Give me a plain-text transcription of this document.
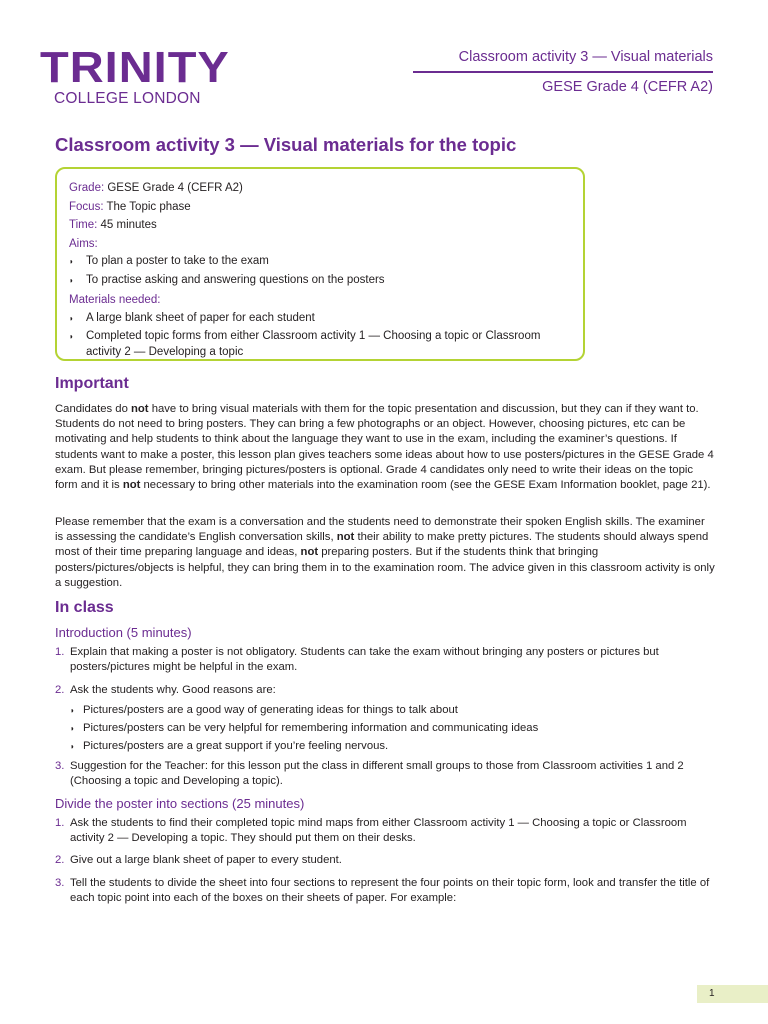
TRINITY
COLLEGE LONDON
Classroom activity 3 — Visual materials
GESE Grade 4 (CEFR A2)
Classroom activity 3 — Visual materials for the topic
Grade: GESE Grade 4 (CEFR A2)
Focus: The Topic phase
Time: 45 minutes
Aims:
◗	To plan a poster to take to the exam
◗	To practise asking and answering questions on the posters
Materials needed:
◗	A large blank sheet of paper for each student
◗	Completed topic forms from either Classroom activity 1 — Choosing a topic or Classroom activity 2 — Developing a topic
Important
Candidates do not have to bring visual materials with them for the topic presentation and discussion, but they can if they want to. Students do not need to bring posters. They can bring a few photographs or an object. However, choosing pictures, etc can be motivating and help students to think about the language they want to use in the exam, including the examiner’s questions. If students want to make a poster, this lesson plan gives teachers some ideas about how to use posters/pictures in the GESE Grade 4 exam. But please remember, bringing pictures/posters is optional. Grade 4 candidates only need to write their ideas on the topic form and it is not necessary to bring other materials into the examination room (see the GESE Exam Information booklet, page 21).
Please remember that the exam is a conversation and the students need to demonstrate their spoken English skills. The examiner is assessing the candidate’s English conversation skills, not their ability to make pretty pictures. The students should always spend most of their time preparing language and ideas, not preparing posters. But if the students think that bringing posters/pictures/objects is helpful, they can bring them in to the examination room. The advice given in this classroom activity is only a suggestion.
In class
Introduction (5 minutes)
1. Explain that making a poster is not obligatory. Students can take the exam without bringing any posters or pictures but posters/pictures might be helpful in the exam.
2. Ask the students why. Good reasons are:
◗ Pictures/posters are a good way of generating ideas for things to talk about
◗ Pictures/posters can be very helpful for remembering information and communicating ideas
◗ Pictures/posters are a great support if you’re feeling nervous.
3. Suggestion for the Teacher: for this lesson put the class in different small groups to those from Classroom activities 1 and 2 (Choosing a topic and Developing a topic).
Divide the poster into sections (25 minutes)
1. Ask the students to find their completed topic mind maps from either Classroom activity 1 — Choosing a topic or Classroom activity 2 — Developing a topic. They should put them on their desks.
2. Give out a large blank sheet of paper to every student.
3. Tell the students to divide the sheet into four sections to represent the four points on their topic form, look and transfer the title of each topic point into each of the boxes on their sheets of paper. For example:
1
